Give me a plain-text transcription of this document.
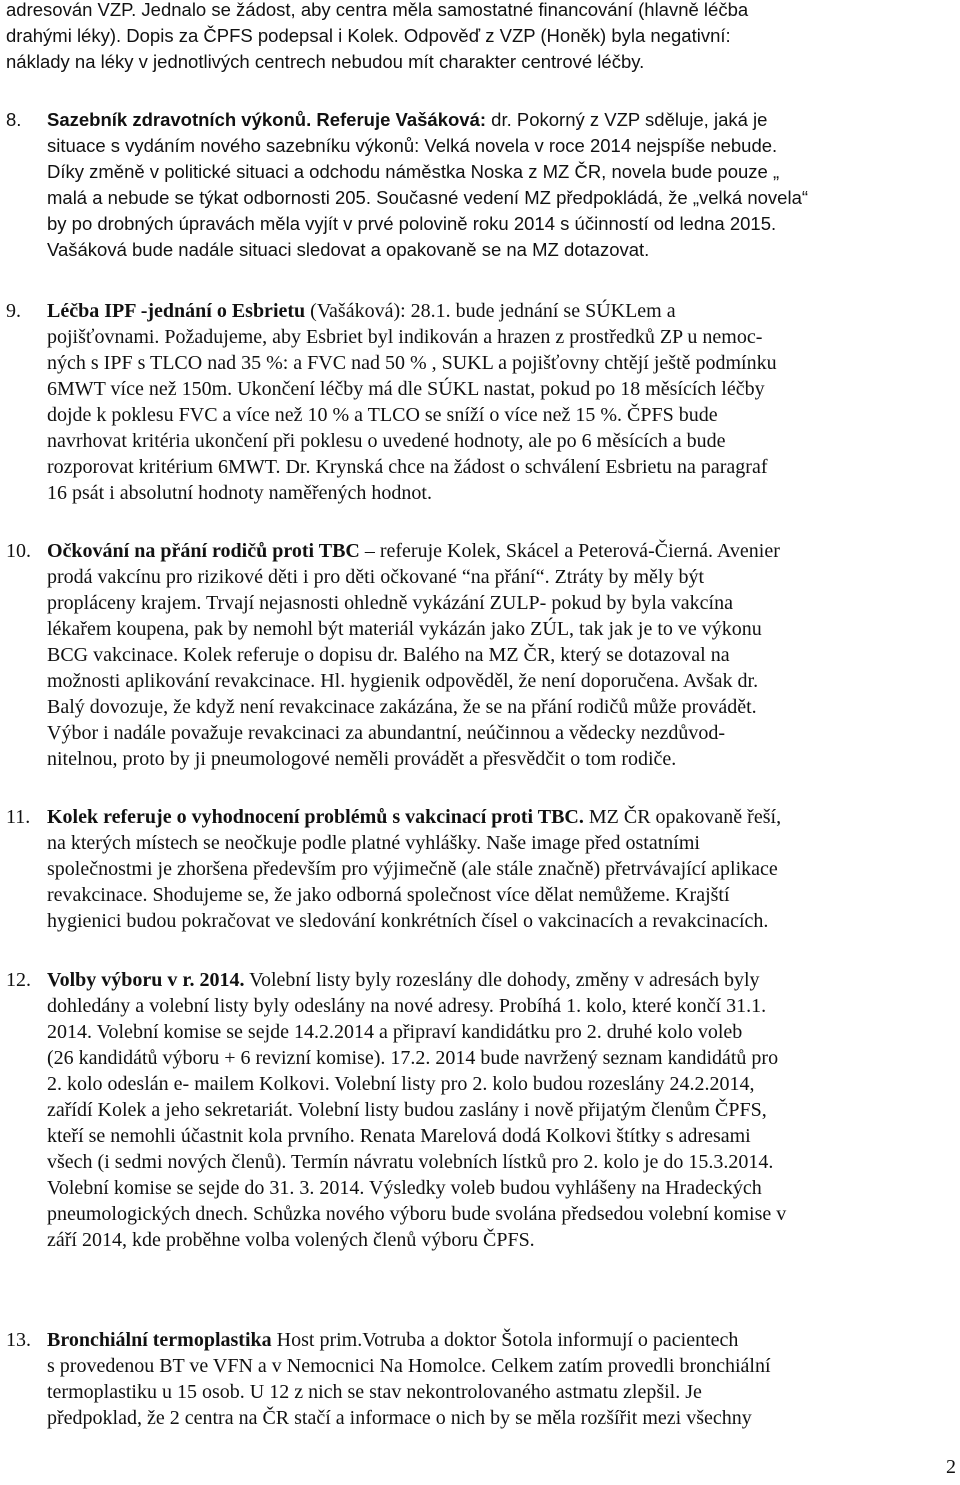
adresován VZP. Jednalo se žádost, aby centra měla samostatné financování (hlavně léčba
drahými léky). Dopis za ČPFS podepsal i Kolek. Odpověď z VZP (Honěk) byla negativní:
náklady na léky v jednotlivých centrech nebudou mít charakter centrové léčby.
8. Sazebník zdravotních výkonů. Referuje Vašáková: dr. Pokorný z VZP sděluje, jaká je
situace s vydáním nového sazebníku výkonů: Velká novela v roce 2014 nejspíše nebude.
Díky změně v politické situaci a odchodu náměstka Noska z MZ ČR, novela bude pouze „
malá a nebude se týkat odbornosti 205. Současné vedení MZ předpokládá, že „velká novela“
by po drobných úpravách měla vyjít v prvé polovině roku 2014 s účinností od ledna 2015.
Vašáková bude nadále situaci sledovat a opakovaně se na MZ dotazovat.
9. Léčba IPF -jednání o Esbrietu (Vašáková): 28.1. bude jednání se SÚKLem a
pojišťovnami. Požadujeme, aby Esbriet byl indikován a hrazen z prostředků ZP u nemoc-
ných s IPF s TLCO nad 35 %: a FVC nad 50 % , SUKL a pojišťovny chtějí ještě podmínku
6MWT více než 150m. Ukončení léčby má dle SÚKL nastat, pokud po 18 měsících léčby
dojde k poklesu FVC a více než 10 % a TLCO se sníží o více než 15 %. ČPFS bude
navrhovat kritéria ukončení při poklesu o uvedené hodnoty, ale po 6 měsících a bude
rozporovat kritérium 6MWT. Dr. Krynská chce na žádost o schválení Esbrietu na paragraf
16 psát i absolutní hodnoty naměřených hodnot.
10. Očkování na přání rodičů proti TBC – referuje Kolek, Skácel a Peterová-Čierná. Avenier
prodá vakcínu pro rizikové děti i pro děti očkované “na přání“. Ztráty by měly být
propláceny krajem. Trvají nejasnosti ohledně vykázání ZULP- pokud by byla vakcína
lékařem koupena, pak by nemohl být materiál vykázán jako ZÚL, tak jak je to ve výkonu
BCG vakcinace. Kolek referuje o dopisu dr. Balého na MZ ČR, který se dotazoval na
možnosti aplikování revakcinace. Hl. hygienik odpověděl, že není doporučena. Avšak dr.
Balý dovozuje, že když není revakcinace zakázána, že se na přání rodičů může provádět.
Výbor i nadále považuje revakcinaci za abundantní, neúčinnou a vědecky nezdůvod-
nitelnou, proto by ji pneumologové neměli provádět a přesvědčit o tom rodiče.
11. Kolek referuje o vyhodnocení problémů s vakcinací proti TBC. MZ ČR opakovaně řeší,
na kterých místech se neočkuje podle platné vyhlášky. Naše image před ostatními
společnostmi je zhoršena především pro výjimečně (ale stále značně) přetrvávající aplikace
revakcinace. Shodujeme se, že jako odborná společnost více dělat nemůžeme. Krajští
hygienici budou pokračovat ve sledování konkrétních čísel o vakcinacích a revakcinacích.
12. Volby výboru v r. 2014. Volební listy byly rozeslány dle dohody, změny v adresách byly
dohledány a volební listy byly odeslány na nové adresy. Probíhá 1. kolo, které končí 31.1.
2014. Volební komise se sejde 14.2.2014 a připraví kandidátku pro 2. druhé kolo voleb
(26 kandidátů výboru + 6 revizní komise). 17.2. 2014 bude navržený seznam kandidátů pro
2. kolo odeslán e- mailem Kolkovi. Volební listy pro 2. kolo budou rozeslány 24.2.2014,
zařídí Kolek a jeho sekretariát. Volební listy budou zaslány i nově přijatým členům ČPFS,
kteří se nemohli účastnit kola prvního. Renata Marelová dodá Kolkovi štítky s adresami
všech (i sedmi nových členů). Termín návratu volebních lístků pro 2. kolo je do 15.3.2014.
Volební komise se sejde do 31. 3. 2014. Výsledky voleb budou vyhlášeny na Hradeckých
pneumologických dnech. Schůzka nového výboru bude svolána předsedou volební komise v
září 2014, kde proběhne volba volených členů výboru ČPFS.
13. Bronchiální termoplastika Host prim.Votruba a doktor Šotola informují o pacientech
s provedenou BT ve VFN a v Nemocnici Na Homolce. Celkem zatím provedli bronchiální
termoplastiku u 15 osob. U 12 z nich se stav nekontrolovaného astmatu zlepšil. Je
předpoklad, že 2 centra na ČR stačí a informace o nich by se měla rozšířit mezi všechny
2
